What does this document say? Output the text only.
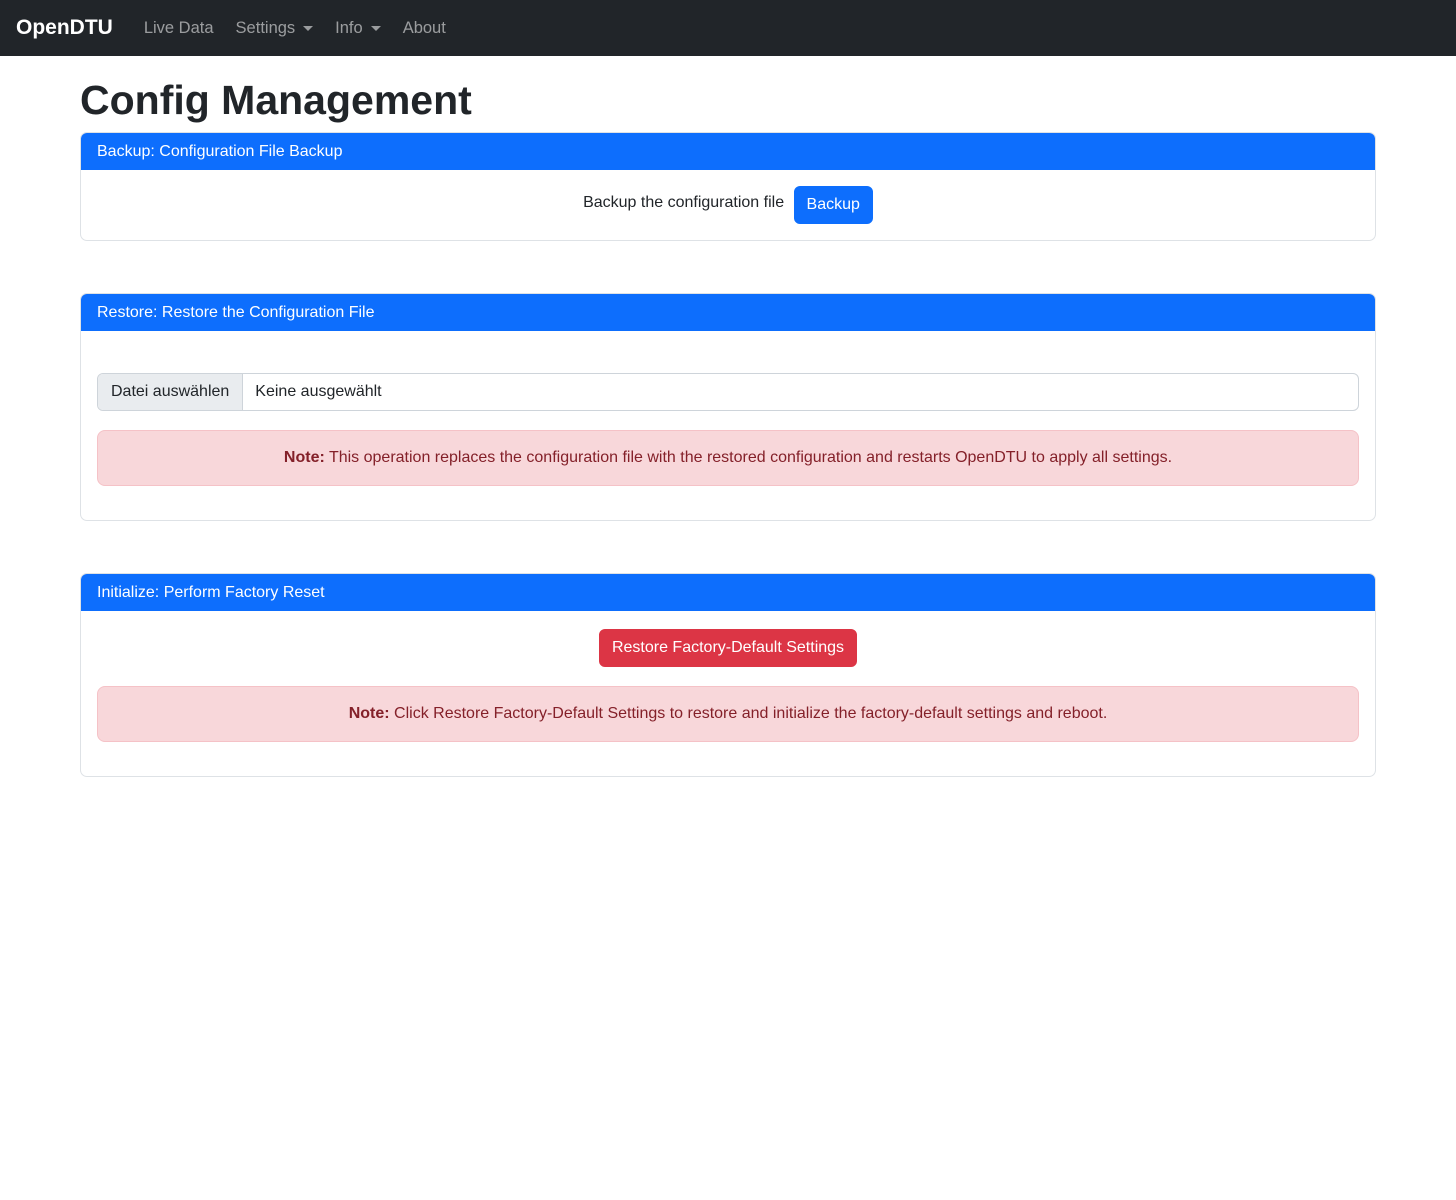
OpenDTU	Live Data	Settings	Info	About
Config Management
Backup: Configuration File Backup
Backup the configuration file Backup
Restore: Restore the Configuration File
Datei auswählen	Keine ausgewählt
Note: This operation replaces the configuration file with the restored configuration and restarts OpenDTU to apply all settings.
Initialize: Perform Factory Reset
Restore Factory-Default Settings
Note: Click Restore Factory-Default Settings to restore and initialize the factory-default settings and reboot.
